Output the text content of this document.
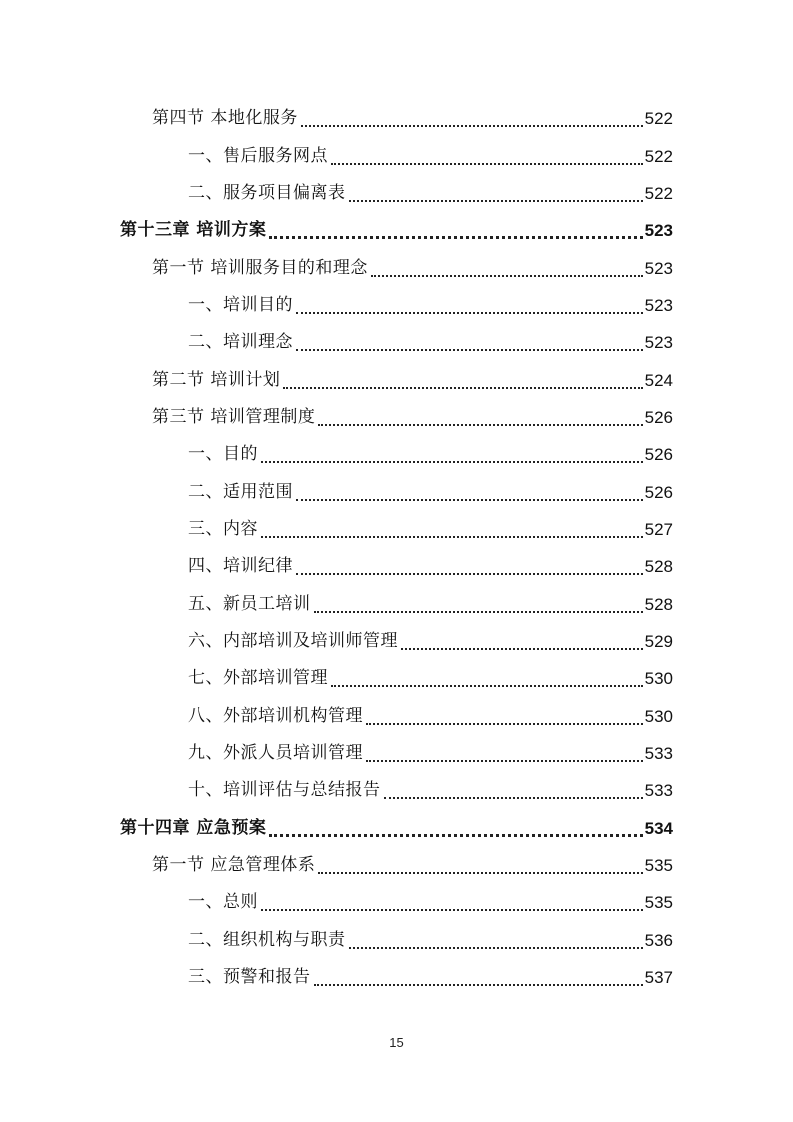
第四节 本地化服务	522
一、售后服务网点	522
二、服务项目偏离表	522
第十三章 培训方案	523
第一节 培训服务目的和理念	523
一、培训目的	523
二、培训理念	523
第二节 培训计划	524
第三节 培训管理制度	526
一、目的	526
二、适用范围	526
三、内容	527
四、培训纪律	528
五、新员工培训	528
六、内部培训及培训师管理	529
七、外部培训管理	530
八、外部培训机构管理	530
九、外派人员培训管理	533
十、培训评估与总结报告	533
第十四章 应急预案	534
第一节 应急管理体系	535
一、总则	535
二、组织机构与职责	536
三、预警和报告	537
15
